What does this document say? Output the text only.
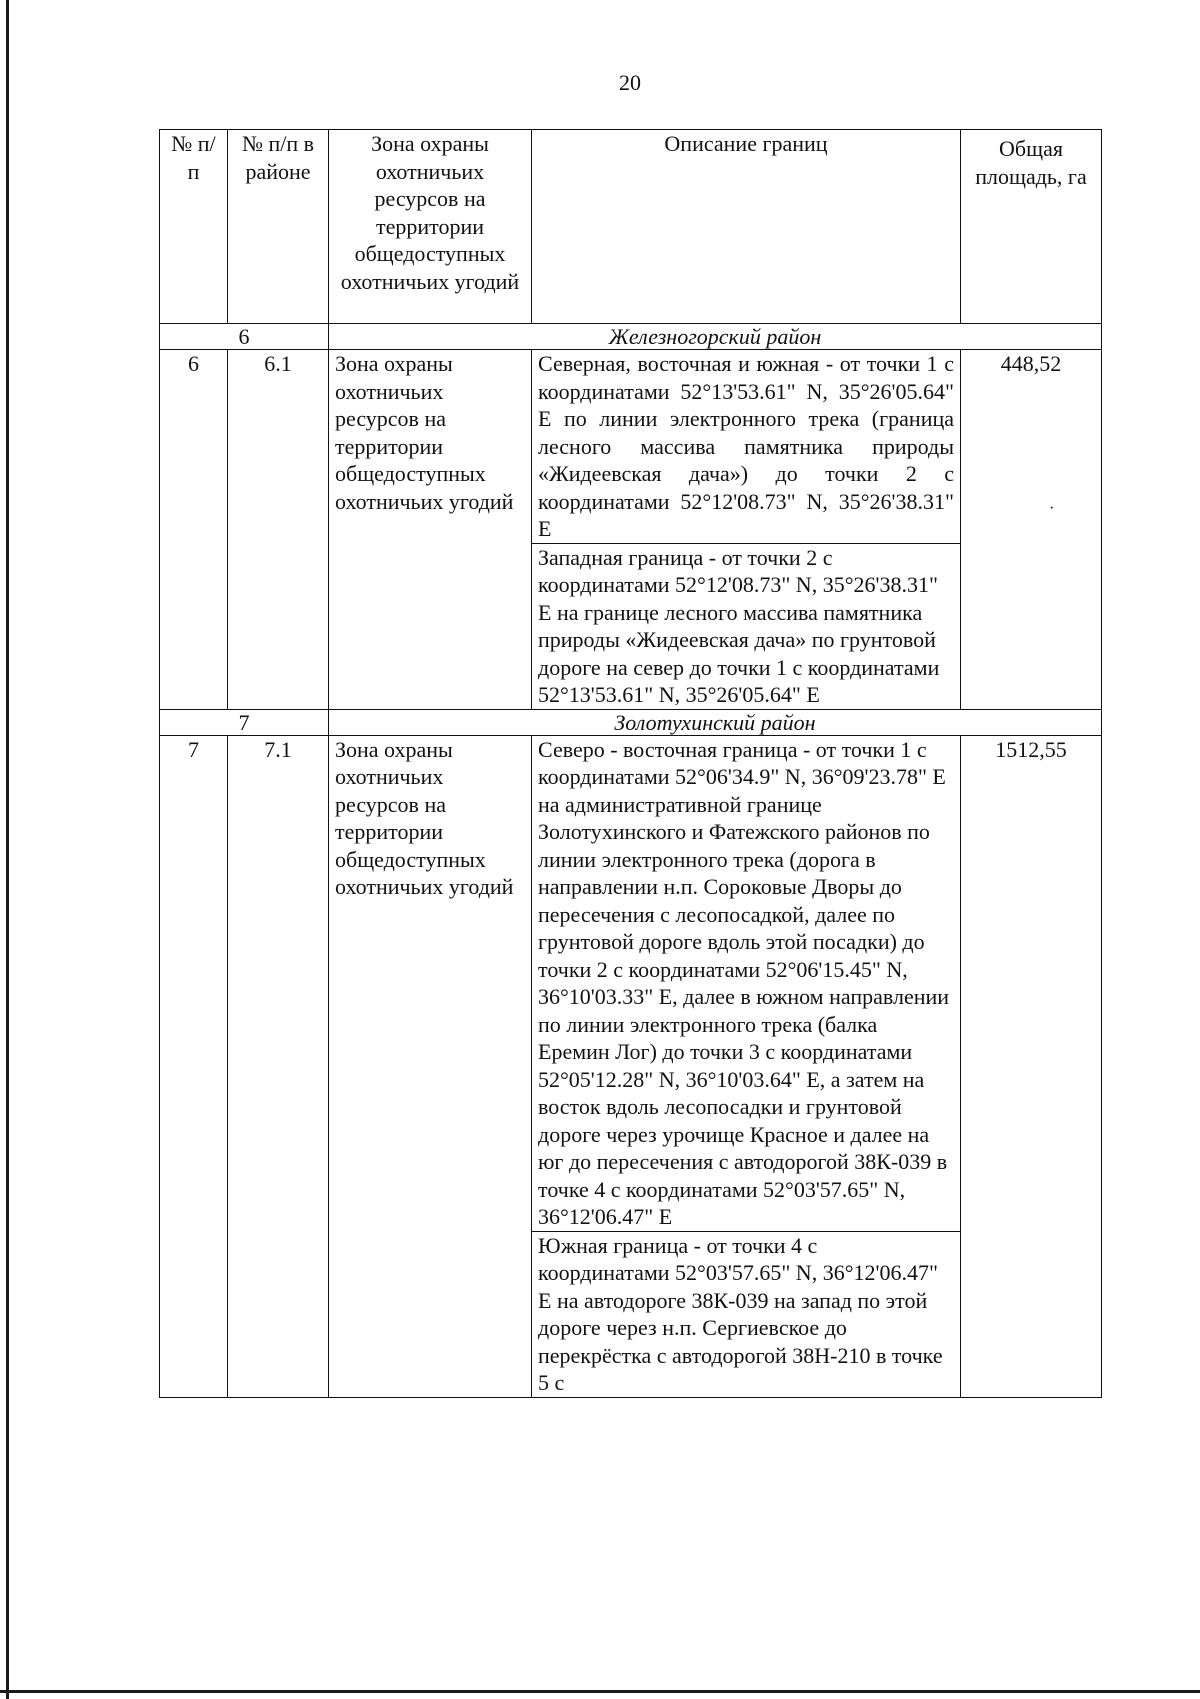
20
№ п/п	№ п/п в районе	Зона охраны охотничьих ресурсов на территории общедоступных охотничьих угодий	Описание границ	Общая площадь, га
6		Железногорский район		
6	6.1	Зона охраны охотничьих ресурсов на территории общедоступных охотничьих угодий	Северная, восточная и южная - от точки 1 с координатами 52°13'53.61" N, 35°26'05.64" E по линии электронного трека (граница лесного массива памятника природы «Жидеевская дача») до точки 2 с координатами 52°12'08.73" N, 35°26'38.31" E	448,52
·

			Западная граница - от точки 2 с координатами 52°12'08.73" N, 35°26'38.31" E на границе лесного массива памятника природы «Жидеевская дача» по грунтовой дороге на север до точки 1 с координатами 52°13'53.61" N, 35°26'05.64" E	
7		Золотухинский район		
7	7.1	Зона охраны охотничьих ресурсов на территории общедоступных охотничьих угодий	Северо - восточная граница - от точки 1 с координатами 52°06'34.9" N, 36°09'23.78" E на административной границе Золотухинского и Фатежского районов по линии электронного трека (дорога в направлении н.п. Сороковые Дворы до пересечения с лесопосадкой, далее по грунтовой дороге вдоль этой посадки) до точки 2 с координатами 52°06'15.45" N, 36°10'03.33" E, далее в южном направлении по линии электронного трека (балка Еремин Лог) до точки 3 с координатами 52°05'12.28" N, 36°10'03.64" E, а затем на восток вдоль лесопосадки и грунтовой дороге через урочище Красное и далее на юг до пересечения с автодорогой 38К-039 в точке 4 с координатами 52°03'57.65" N, 36°12'06.47" E	1512,55
			Южная граница - от точки 4 с координатами 52°03'57.65" N, 36°12'06.47" E на автодороге 38К-039 на запад по этой дороге через н.п. Сергиевское до перекрёстка с автодорогой 38Н-210 в точке 5 с	
